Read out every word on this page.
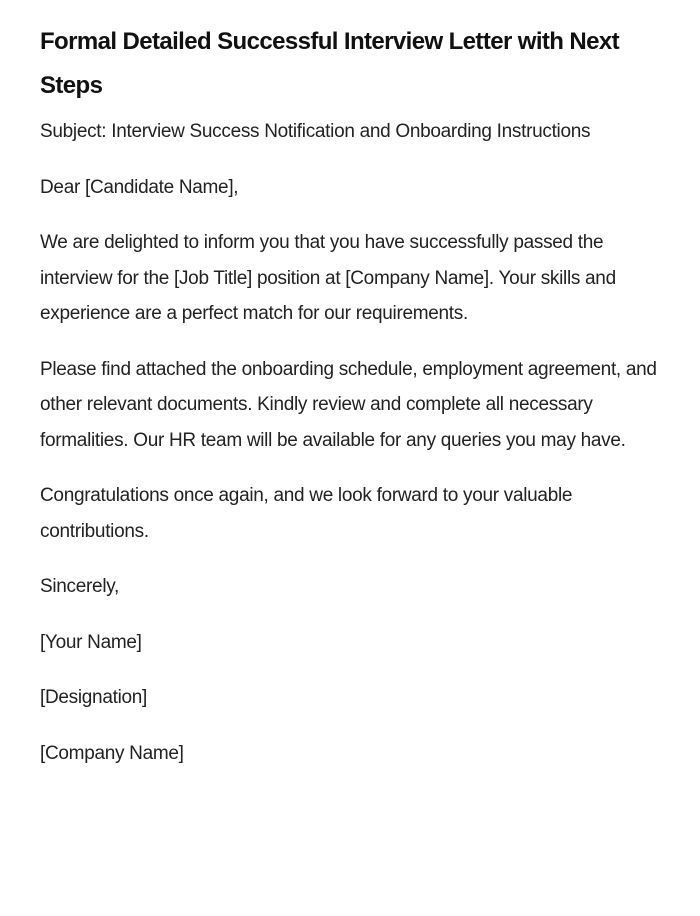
Formal Detailed Successful Interview Letter with Next Steps

Subject: Interview Success Notification and Onboarding Instructions

Dear [Candidate Name],

We are delighted to inform you that you have successfully passed the interview for the [Job Title] position at [Company Name]. Your skills and experience are a perfect match for our requirements.

Please find attached the onboarding schedule, employment agreement, and other relevant documents. Kindly review and complete all necessary formalities. Our HR team will be available for any queries you may have.

Congratulations once again, and we look forward to your valuable contributions.

Sincerely,

[Your Name]

[Designation]

[Company Name]
